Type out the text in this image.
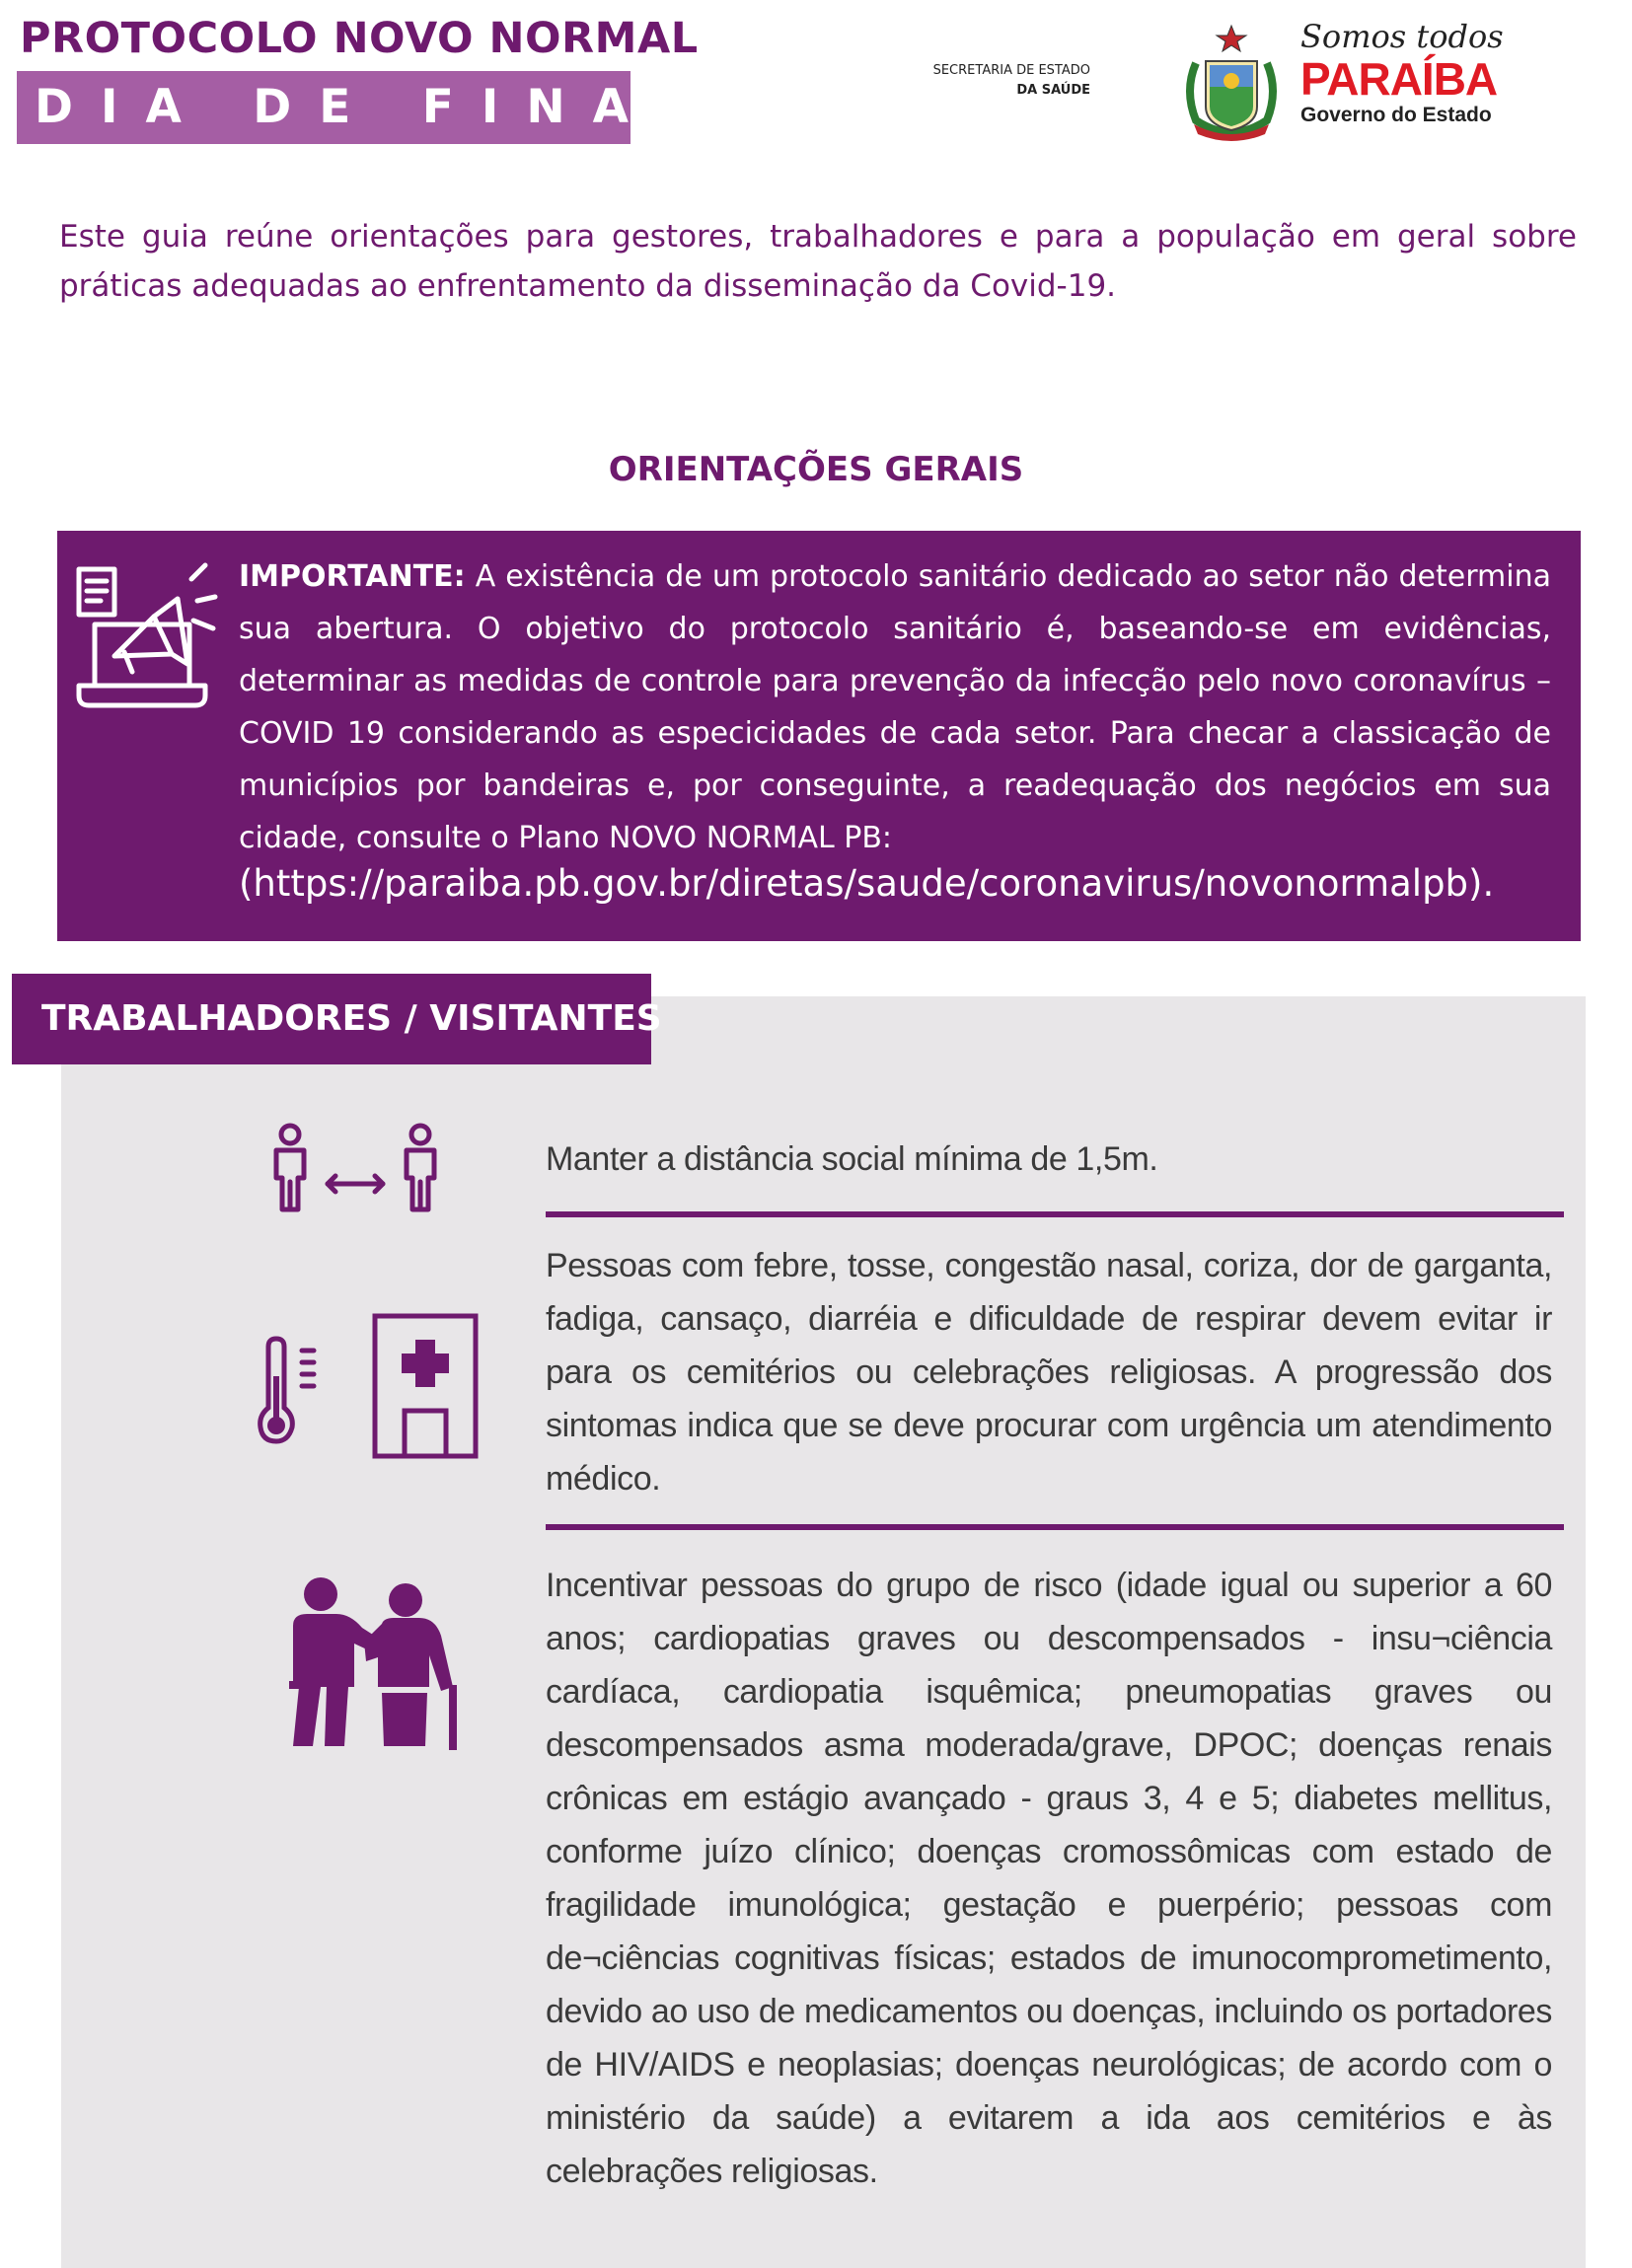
PROTOCOLO NOVO NORMAL
DIA DE FINADOS
SECRETARIA DE ESTADO
DA SAÚDE
Somos todos
PARAÍBA
Governo do Estado
Este guia reúne orientações para gestores, trabalhadores e para a população em geral sobre práticas adequadas ao enfrentamento da disseminação da Covid-19.
ORIENTAÇÕES GERAIS
IMPORTANTE: A existência de um protocolo sanitário dedicado ao setor não determina sua abertura. O objetivo do protocolo sanitário é, baseando-se em evidências, determinar as medidas de controle para prevenção da infecção pelo novo coronavírus – COVID 19 considerando as especicidades de cada setor. Para checar a classicação de municípios por bandeiras e, por conseguinte, a readequação dos negócios em sua cidade, consulte o Plano NOVO NORMAL PB:
(https://paraiba.pb.gov.br/diretas/saude/coronavirus/novonormalpb).
TRABALHADORES / VISITANTES
Manter a distância social mínima de 1,5m.
Pessoas com febre, tosse, congestão nasal, coriza, dor de garganta, fadiga, cansaço, diarréia e dificuldade de respirar devem evitar ir para os cemitérios ou celebrações religiosas. A progressão dos sintomas indica que se deve procurar com urgência um atendimento médico.
Incentivar pessoas do grupo de risco (idade igual ou superior a 60 anos; cardiopatias graves ou descompensados - insu¬ciência cardíaca, cardiopatia isquêmica; pneumopatias graves ou descompensados asma moderada/grave, DPOC; doenças renais crônicas em estágio avançado - graus 3, 4 e 5; diabetes mellitus, conforme juízo clínico; doenças cromossômicas com estado de fragilidade imunológica; gestação e puerpério; pessoas com de¬ciências cognitivas físicas; estados de imunocomprometimento, devido ao uso de medicamentos ou doenças, incluindo os portadores de HIV/AIDS e neoplasias; doenças neurológicas; de acordo com o ministério da saúde) a evitarem a ida aos cemitérios e às celebrações religiosas.
